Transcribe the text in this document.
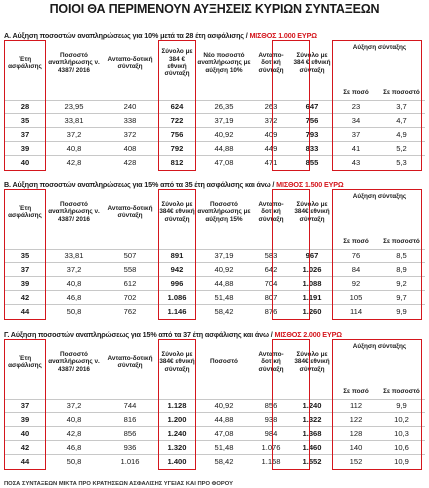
ΠΟΙΟΙ ΘΑ ΠΕΡΙΜΕΝΟΥΝ ΑΥΞΗΣΕΙΣ ΚΥΡΙΩΝ ΣΥΝΤΑΞΕΩΝ
Α. Αύξηση ποσοστών αναπληρώσεως για 10% μετά τα 28 έτη ασφάλισης / ΜΙΣΘΟΣ 1.000 ΕΥΡΩ
Έτη ασφάλισης	Ποσοστό αναπλήρωσης ν. 4387/ 2016	Ανταπο-δοτική σύνταξη	Σύνολο με 384 € εθνική σύνταξη	Νέο ποσοστό αναπλήρωσης με αύξηση 10%	Ανταπο-δοτική σύνταξη	Σύνολο με 384 € εθνική σύνταξη	Αύξηση σύνταξης	
							Σε ποσό	Σε ποσοστό
28	23,95	240	624	26,35	263	647	23	3,7
35	33,81	338	722	37,19	372	756	34	4,7
37	37,2	372	756	40,92	409	793	37	4,9
39	40,8	408	792	44,88	449	833	41	5,2
40	42,8	428	812	47,08	471	855	43	5,3
Β. Αύξηση ποσοστών αναπληρώσεως για 15% από τα 35 έτη ασφάλισης και άνω / ΜΙΣΘΟΣ 1.500 ΕΥΡΩ
Έτη ασφάλισης	Ποσοστό αναπλήρωσης ν. 4387/ 2016	Ανταπο-δοτική σύνταξη	Σύνολο με 384€ εθνική σύνταξη	Ποσοστό αναπλήρωσης με αύξηση 15%	Ανταπο-δοτική σύνταξη	Σύνολο με 384€ εθνική σύνταξη	Αύξηση σύνταξης	
							Σε ποσό	Σε ποσοστό
35	33,81	507	891	37,19	583	967	76	8,5
37	37,2	558	942	40,92	642	1.026	84	8,9
39	40,8	612	996	44,88	704	1.088	92	9,2
42	46,8	702	1.086	51,48	807	1.191	105	9,7
44	50,8	762	1.146	58,42	876	1.260	114	9,9
Γ. Αύξηση ποσοστών αναπληρώσεως για 15% από τα 37 έτη ασφάλισης και άνω / ΜΙΣΘΟΣ 2.000 ΕΥΡΩ
Έτη ασφάλισης	Ποσοστό αναπλήρωσης ν. 4387/ 2016	Ανταπο-δοτική σύνταξη	Σύνολο με 384€ εθνική σύνταξη	Ποσοστό	Ανταπο-δοτική σύνταξη	Σύνολο με 384€ εθνική σύνταξη	Αύξηση σύνταξης	
							Σε ποσό	Σε ποσοστό
37	37,2	744	1.128	40,92	856	1.240	112	9,9
39	40,8	816	1.200	44,88	938	1.322	122	10,2
40	42,8	856	1.240	47,08	984	1.368	128	10,3
42	46,8	936	1.320	51,48	1.076	1.460	140	10,6
44	50,8	1.016	1.400	58,42	1.168	1.552	152	10,9
ΠΟΣΑ ΣΥΝΤΑΞΕΩΝ ΜΙΚΤΑ ΠΡΟ ΚΡΑΤΗΣΕΩΝ ΑΣΦΑΛΙΣΗΣ ΥΓΕΙΑΣ ΚΑΙ ΠΡΟ ΦΟΡΟΥ
